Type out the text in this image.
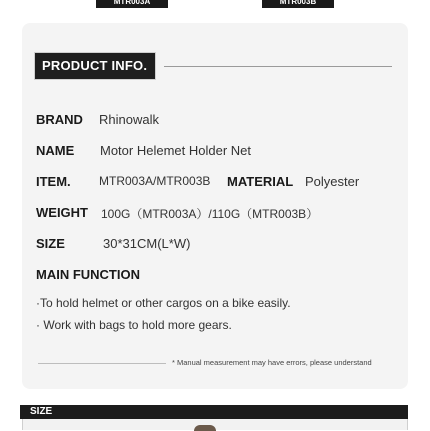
MTR003A	MTR003B
PRODUCT INFO.
BRAND Rhinowalk
NAME Motor Helemet Holder Net
ITEM. MTR003A/MTR003B MATERIAL Polyester
WEIGHT 100G（MTR003A）/110G（MTR003B）
SIZE	30*31CM(L*W)
MAIN FUNCTION
·To hold helmet or other cargos on a bike easily.
· Work with bags to hold more gears.
* Manual measurement may have errors, please understand
SIZE
